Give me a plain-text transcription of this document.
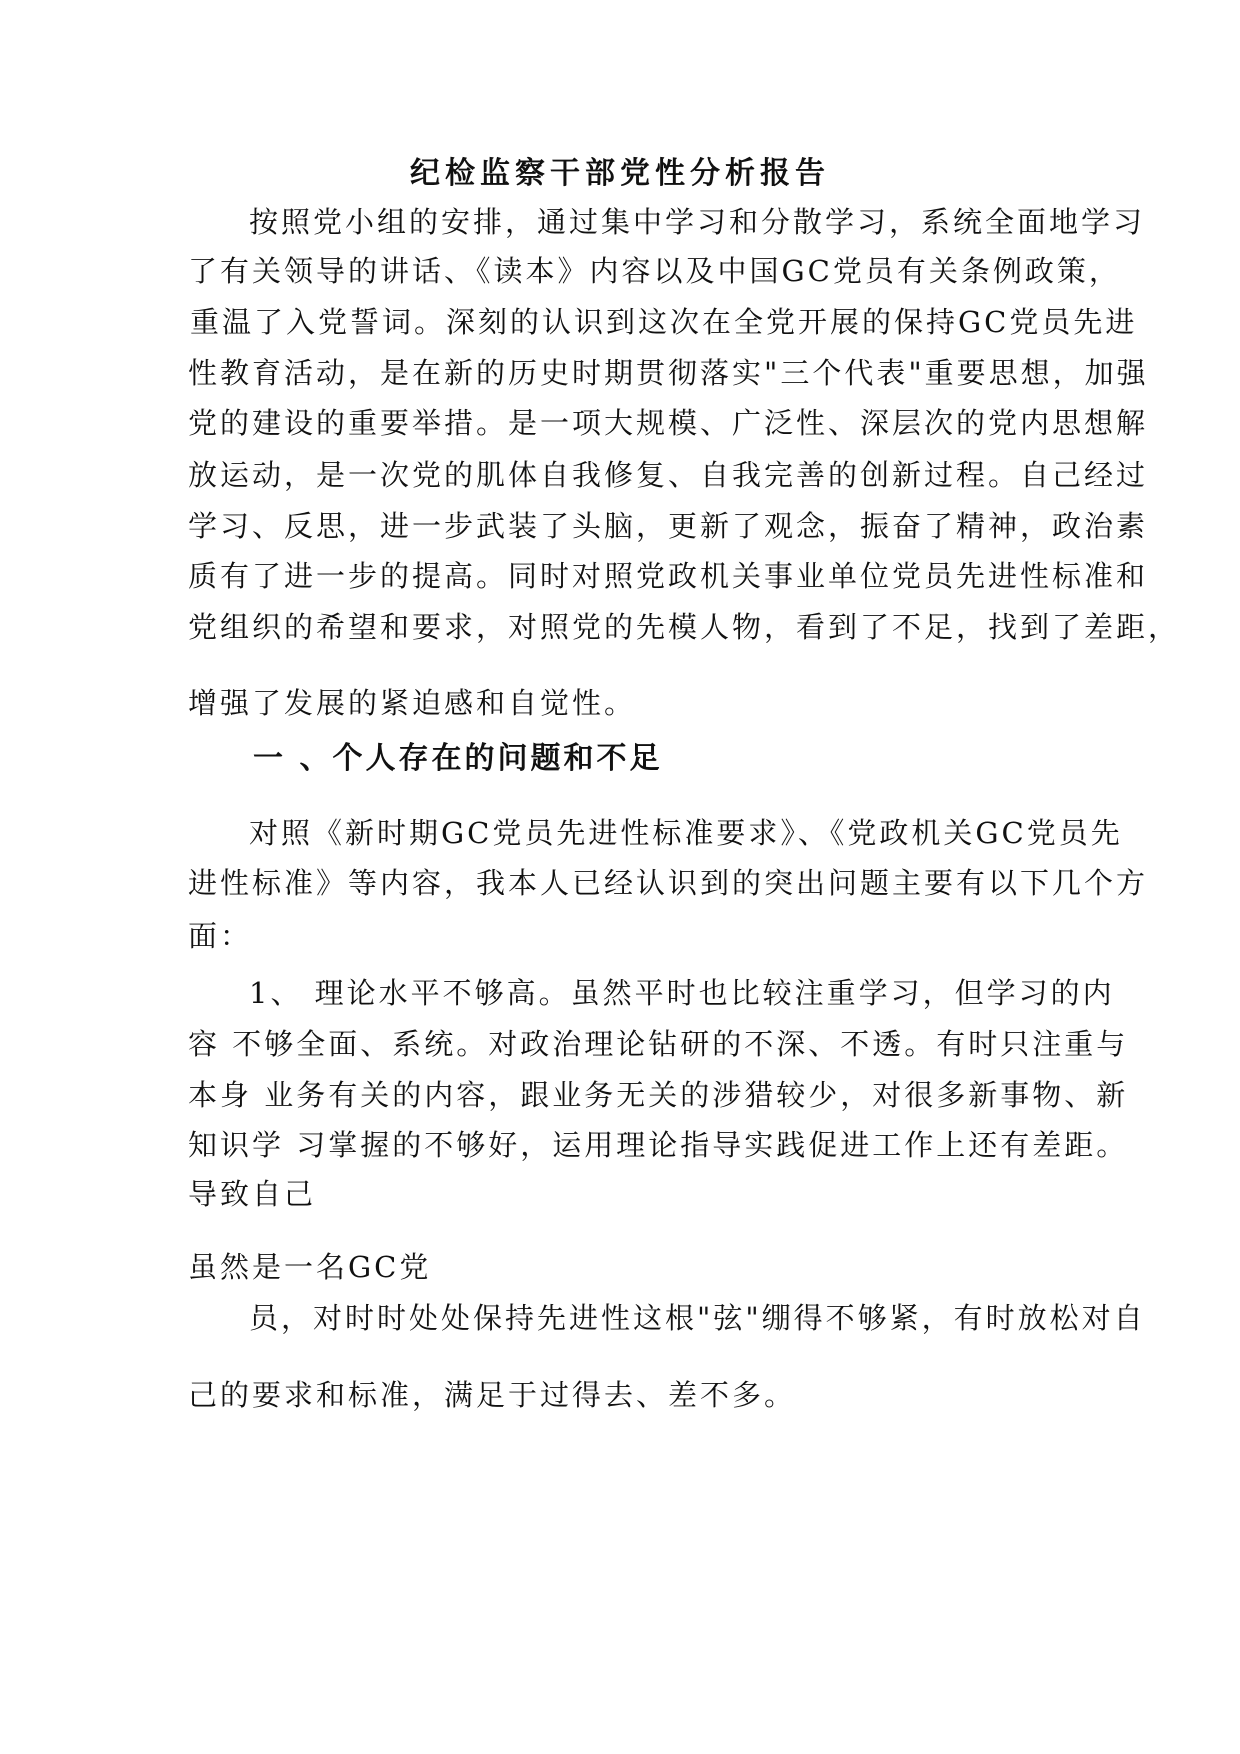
纪检监察干部党性分析报告
按照党小组的安排，通过集中学习和分散学习，系统全面地学习
了有关领导的讲话、《读本》内容以及中国GC党员有关条例政策，
重温了入党誓词。深刻的认识到这次在全党开展的保持GC党员先进
性教育活动，是在新的历史时期贯彻落实"三个代表"重要思想，加强
党的建设的重要举措。是一项大规模、广泛性、深层次的党内思想解
放运动，是一次党的肌体自我修复、自我完善的创新过程。自己经过
学习、反思，进一步武装了头脑，更新了观念，振奋了精神，政治素
质有了进一步的提高。同时对照党政机关事业单位党员先进性标准和
党组织的希望和要求，对照党的先模人物，看到了不足，找到了差距，
增强了发展的紧迫感和自觉性。
一 、个人存在的问题和不足
对照《新时期GC党员先进性标准要求》、《党政机关GC党员先
进性标准》等内容，我本人已经认识到的突出问题主要有以下几个方
面：
1、 理论水平不够高。虽然平时也比较注重学习，但学习的内
容 不够全面、系统。对政治理论钻研的不深、不透。有时只注重与
本身 业务有关的内容，跟业务无关的涉猎较少，对很多新事物、新
知识学 习掌握的不够好，运用理论指导实践促进工作上还有差距。
导致自己
虽然是一名GC党
员，对时时处处保持先进性这根"弦"绷得不够紧，有时放松对自
己的要求和标准，满足于过得去、差不多。
